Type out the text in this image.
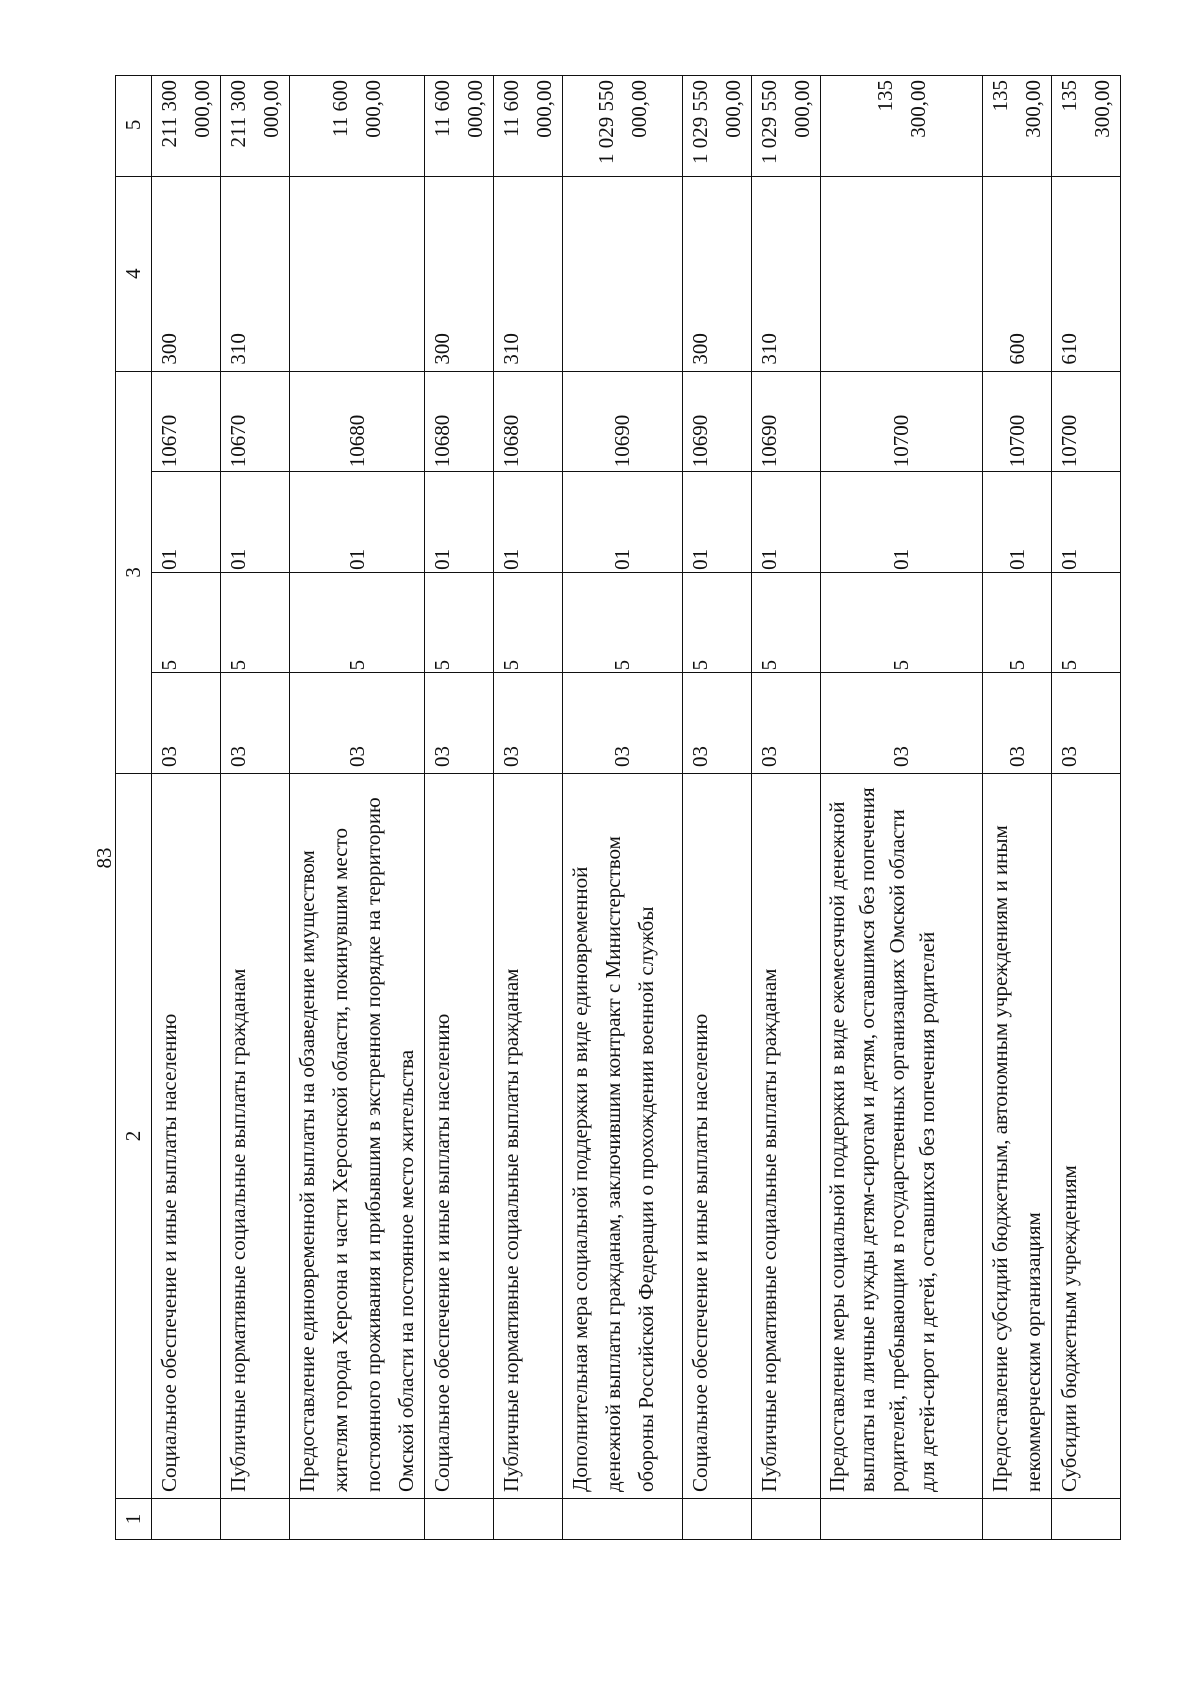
83
1	2	3				4	5
	Социальное обеспечение и иные выплаты населению	03	5	01	10670	300	211 300 000,00
	Публичные нормативные социальные выплаты гражданам	03	5	01	10670	310	211 300 000,00
	Предоставление единовременной выплаты на обзаведение имуществом жителям города Херсона и части Херсонской области, покинувшим место постоянного проживания и прибывшим в экстренном порядке на территорию Омской области на постоянное место жительства	03	5	01	10680		11 600 000,00
	Социальное обеспечение и иные выплаты населению	03	5	01	10680	300	11 600 000,00
	Публичные нормативные социальные выплаты гражданам	03	5	01	10680	310	11 600 000,00
	Дополнительная мера социальной поддержки в виде единовременной денежной выплаты гражданам, заключившим контракт с Министерством обороны Российской Федерации о прохождении военной службы	03	5	01	10690		1 029 550 000,00
	Социальное обеспечение и иные выплаты населению	03	5	01	10690	300	1 029 550 000,00
	Публичные нормативные социальные выплаты гражданам	03	5	01	10690	310	1 029 550 000,00
	Предоставление меры социальной поддержки в виде ежемесячной денежной выплаты на личные нужды детям-сиротам и детям, оставшимся без попечения родителей, пребывающим в государственных организациях Омской области для детей-сирот и детей, оставшихся без попечения родителей	03	5	01	10700		135 300,00
	Предоставление субсидий бюджетным, автономным учреждениям и иным некоммерческим организациям	03	5	01	10700	600	135 300,00
	Субсидии бюджетным учреждениям	03	5	01	10700	610	135 300,00
